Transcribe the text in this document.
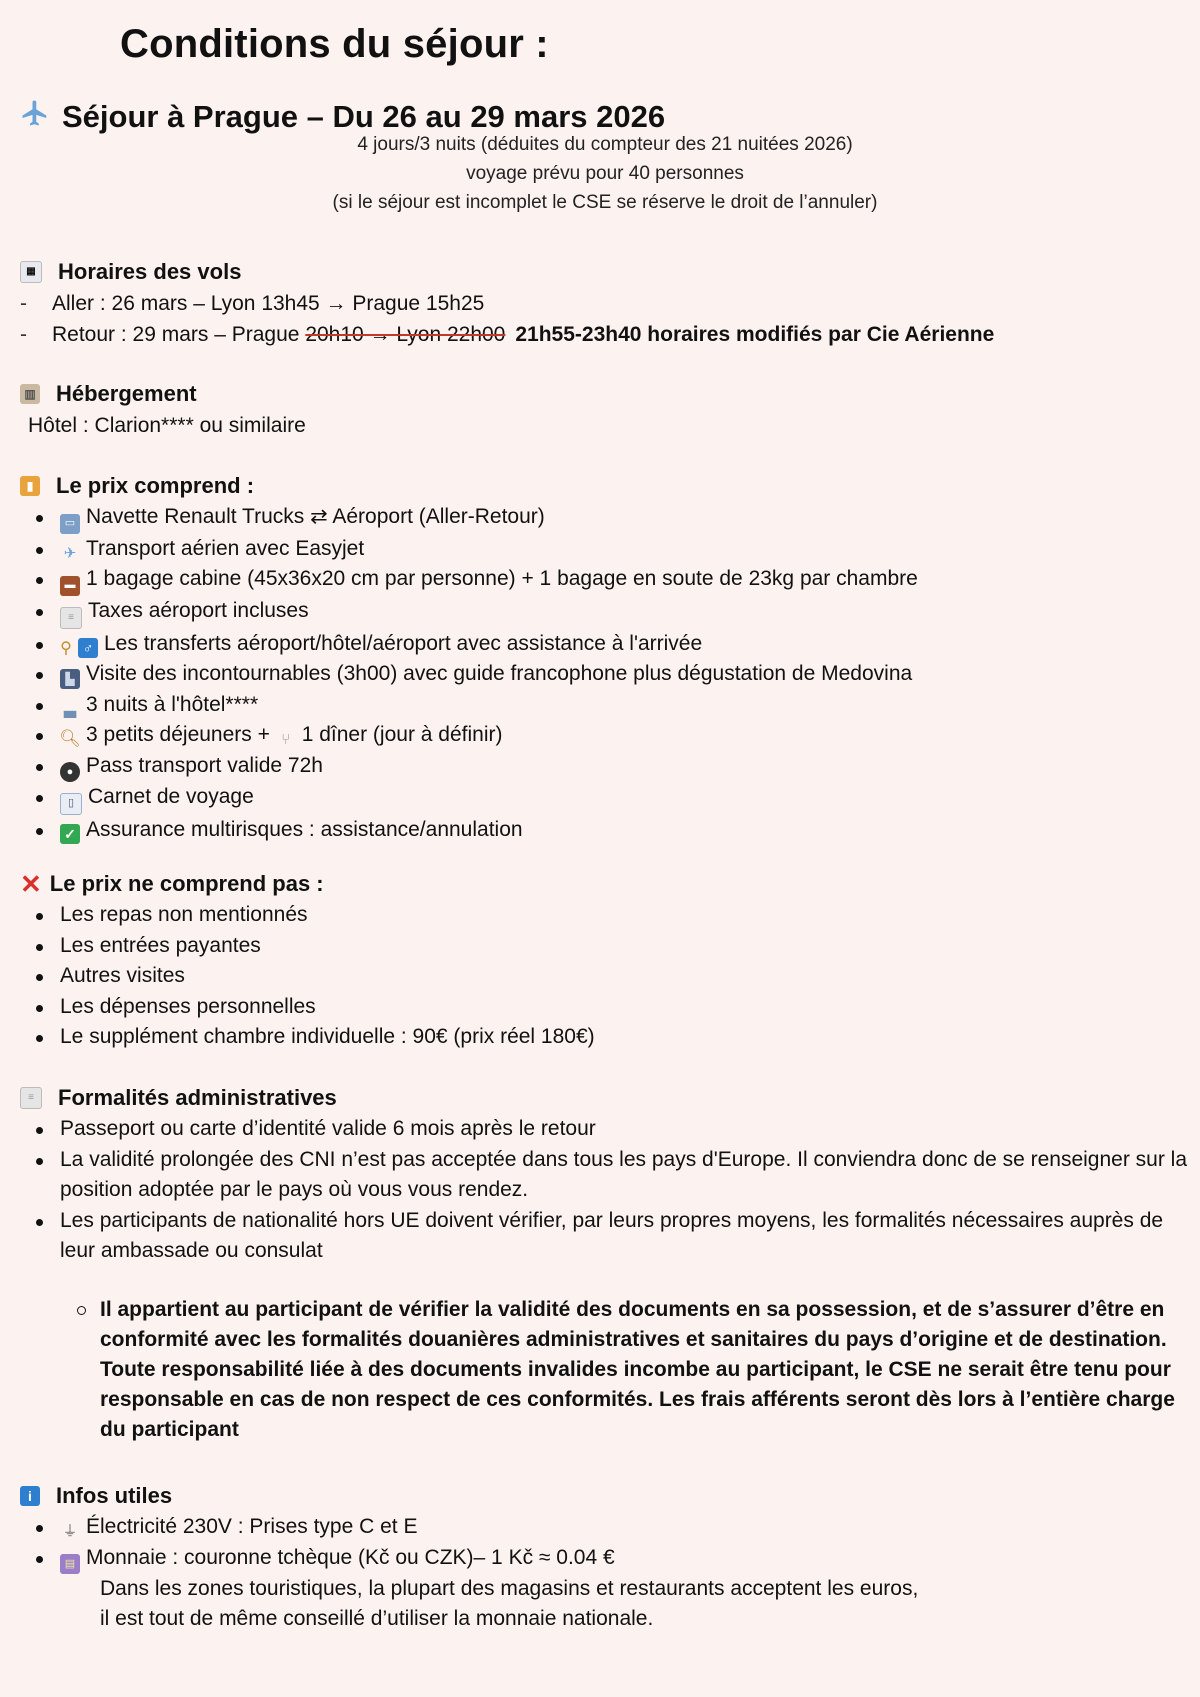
Conditions du séjour :
Séjour à Prague – Du 26 au 29 mars 2026
4 jours/3 nuits (déduites du compteur des 21 nuitées 2026)
voyage prévu pour 40 personnes
(si le séjour est incomplet le CSE se réserve le droit de l’annuler)
▦ Horaires des vols
-	Aller : 26 mars – Lyon 13h45 → Prague 15h25
-	Retour : 29 mars – Prague
20h10 → Lyon 22h00 21h55-23h40 horaires modifiés par Cie Aérienne
▥ Hébergement
Hôtel : Clarion**** ou similaire
▮	Le prix comprend :
▭ Navette Renault Trucks ⇄ Aéroport (Aller-Retour)
✈ Transport aérien avec Easyjet
▬ 1 bagage cabine (45x36x20 cm par personne) + 1 bagage en soute de 23kg par chambre
≡ Taxes aéroport incluses
⚲ ♂ Les transferts aéroport/hôtel/aéroport avec assistance à l'arrivée
▙ Visite des incontournables (3h00) avec guide francophone plus dégustation de Medovina
▃ 3 nuits à l'hôtel****
🔍︎ 3 petits déjeuners + ⑂ 1 dîner (jour à définir)
● Pass transport valide 72h
▯ Carnet de voyage
✓ Assurance multirisques : assistance/annulation
✕ Le prix ne comprend pas :
Les repas non mentionnés
Les entrées payantes
Autres visites
Les dépenses personnelles
Le supplément chambre individuelle : 90€ (prix réel 180€)
≡	Formalités administratives
Passeport ou carte d’identité valide 6 mois après le retour
La validité prolongée des CNI n’est pas acceptée dans tous les pays d'Europe. Il conviendra donc de se renseigner sur la position adoptée par le pays où vous vous rendez.
Les participants de nationalité hors UE doivent vérifier, par leurs propres moyens, les formalités nécessaires auprès de leur ambassade ou consulat
Il appartient au participant de vérifier la validité des documents en sa possession, et de s’assurer d’être en conformité avec les formalités douanières administratives et sanitaires du pays d’origine et de destination. Toute responsabilité liée à des documents invalides incombe au participant, le CSE ne serait être tenu pour responsable en cas de non respect de ces conformités. Les frais afférents seront dès lors à l’entière charge du participant
i	Infos utiles
⏚ Électricité 230V : Prises type C et E
▤ Monnaie : couronne tchèque (Kč ou CZK)– 1 Kč ≈ 0.04 €
Dans les zones touristiques, la plupart des magasins et restaurants acceptent les euros,
il est tout de même conseillé d’utiliser la monnaie nationale.
